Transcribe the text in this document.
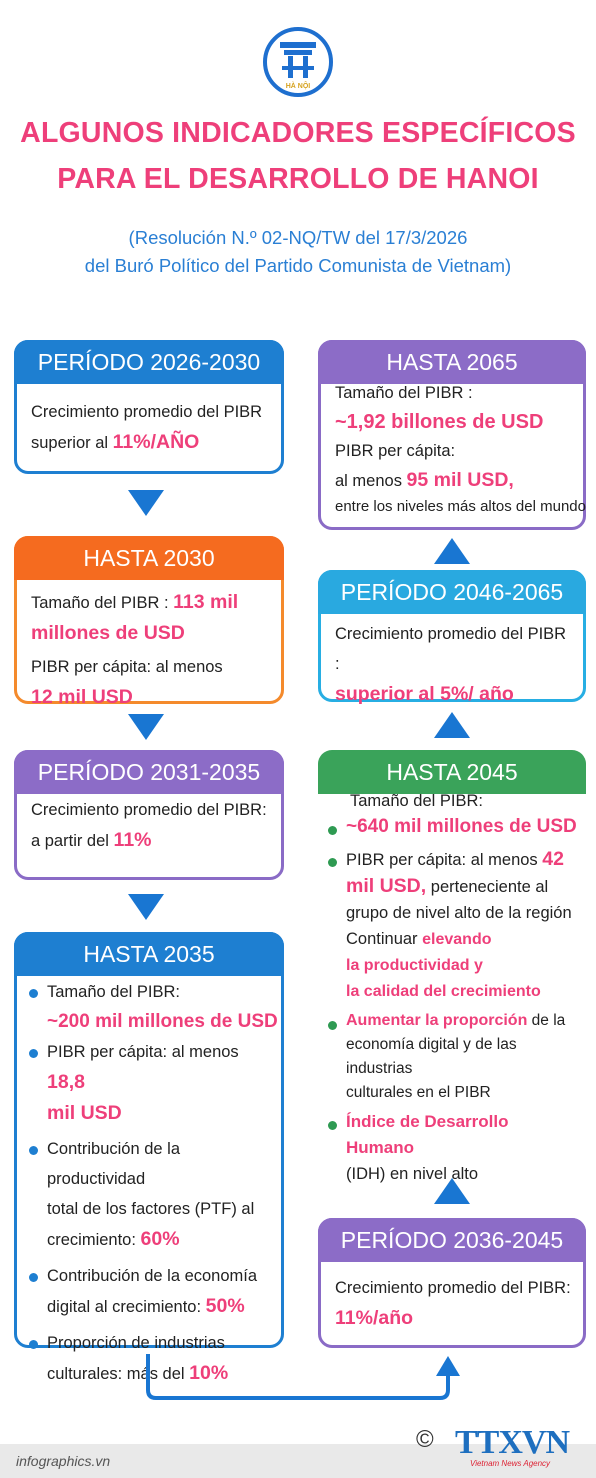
HÀ NỘI
ALGUNOS INDICADORES ESPECÍFICOS
PARA EL DESARROLLO DE HANOI
(Resolución N.º 02-NQ/TW del 17/3/2026
del Buró Político del Partido Comunista de Vietnam)
PERÍODO 2026-2030
Crecimiento promedio del PIBR
superior al 11%/AÑO
HASTA 2030
Tamaño del PIBR : 113 mil
millones de USD
PIBR per cápita: al menos
12 mil USD
PERÍODO 2031-2035
Crecimiento promedio del PIBR:
a partir del 11%
HASTA 2035
Tamaño del PIBR:
~200 mil millones de USD
PIBR per cápita: al menos 18,8
mil USD
Contribución de la productividad
total de los factores (PTF) al
crecimiento: 60%
Contribución de la economía
digital al crecimiento: 50%
Proporción de industrias
culturales: más del 10%
HASTA 2065
Tamaño del PIBR :
~1,92 billones de USD
PIBR per cápita:
al menos 95 mil USD,
entre los niveles más altos del mundo
PERÍODO 2046-2065
Crecimiento promedio del PIBR :
superior al 5%/ año
HASTA 2045
Tamaño del PIBR:
~640 mil millones de USD
PIBR per cápita: al menos 42
mil USD, perteneciente al
grupo de nivel alto de la región
Continuar elevando
la productividad y
la calidad del crecimiento
Aumentar la proporción de la
economía digital y de las industrias
culturales en el PIBR
Índice de Desarrollo Humano
(IDH) en nivel alto
PERÍODO 2036-2045
Crecimiento promedio del PIBR:
11%/año
infographics.vn
© TTXVN
Vietnam News Agency
